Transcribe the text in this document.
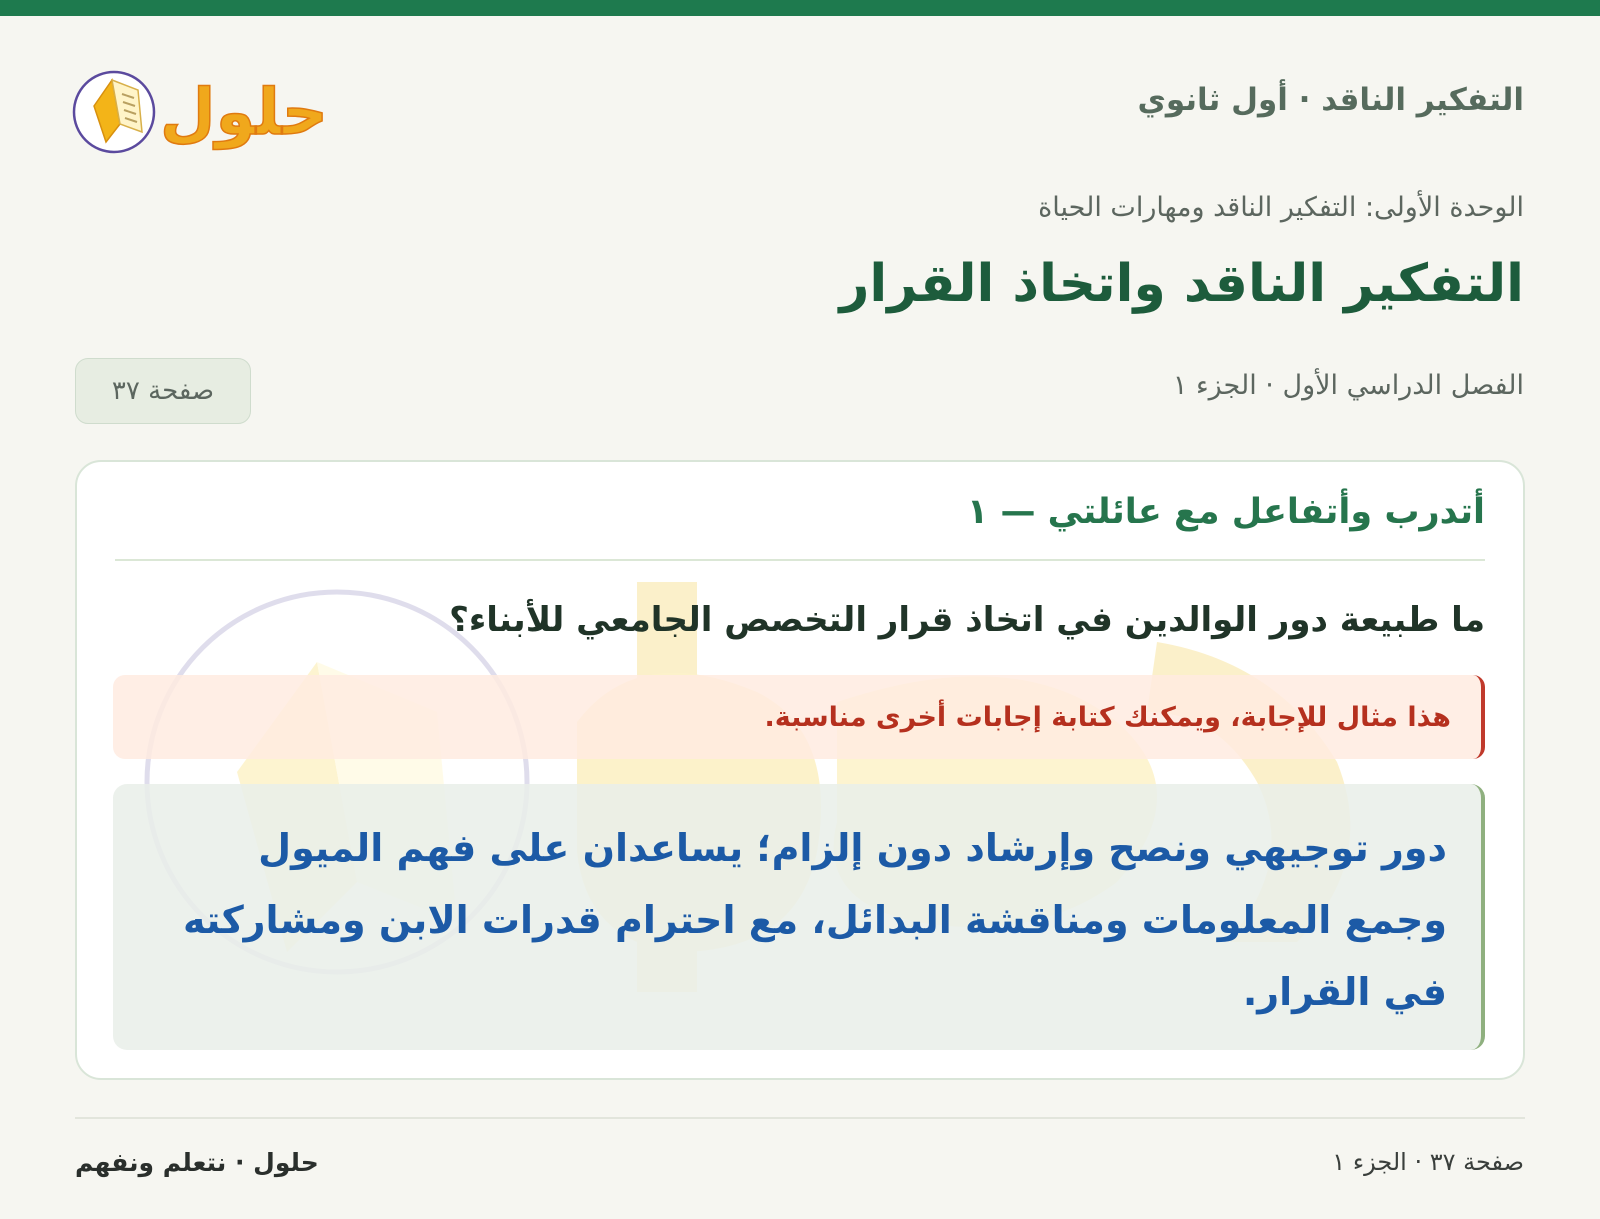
التفكير الناقد · أول ثانوي
حلول
الوحدة الأولى: التفكير الناقد ومهارات الحياة
التفكير الناقد واتخاذ القرار
الفصل الدراسي الأول · الجزء ١
صفحة ٣٧
أتدرب وأتفاعل مع عائلتي — ١

ما طبيعة دور الوالدين في اتخاذ قرار التخصص الجامعي للأبناء؟

هذا مثال للإجابة، ويمكنك كتابة إجابات أخرى مناسبة.

دور توجيهي ونصح وإرشاد دون إلزام؛ يساعدان على فهم الميول وجمع المعلومات ومناقشة البدائل، مع احترام قدرات الابن ومشاركته في القرار.

صفحة ٣٧ · الجزء ١
حلول · نتعلم ونفهم
